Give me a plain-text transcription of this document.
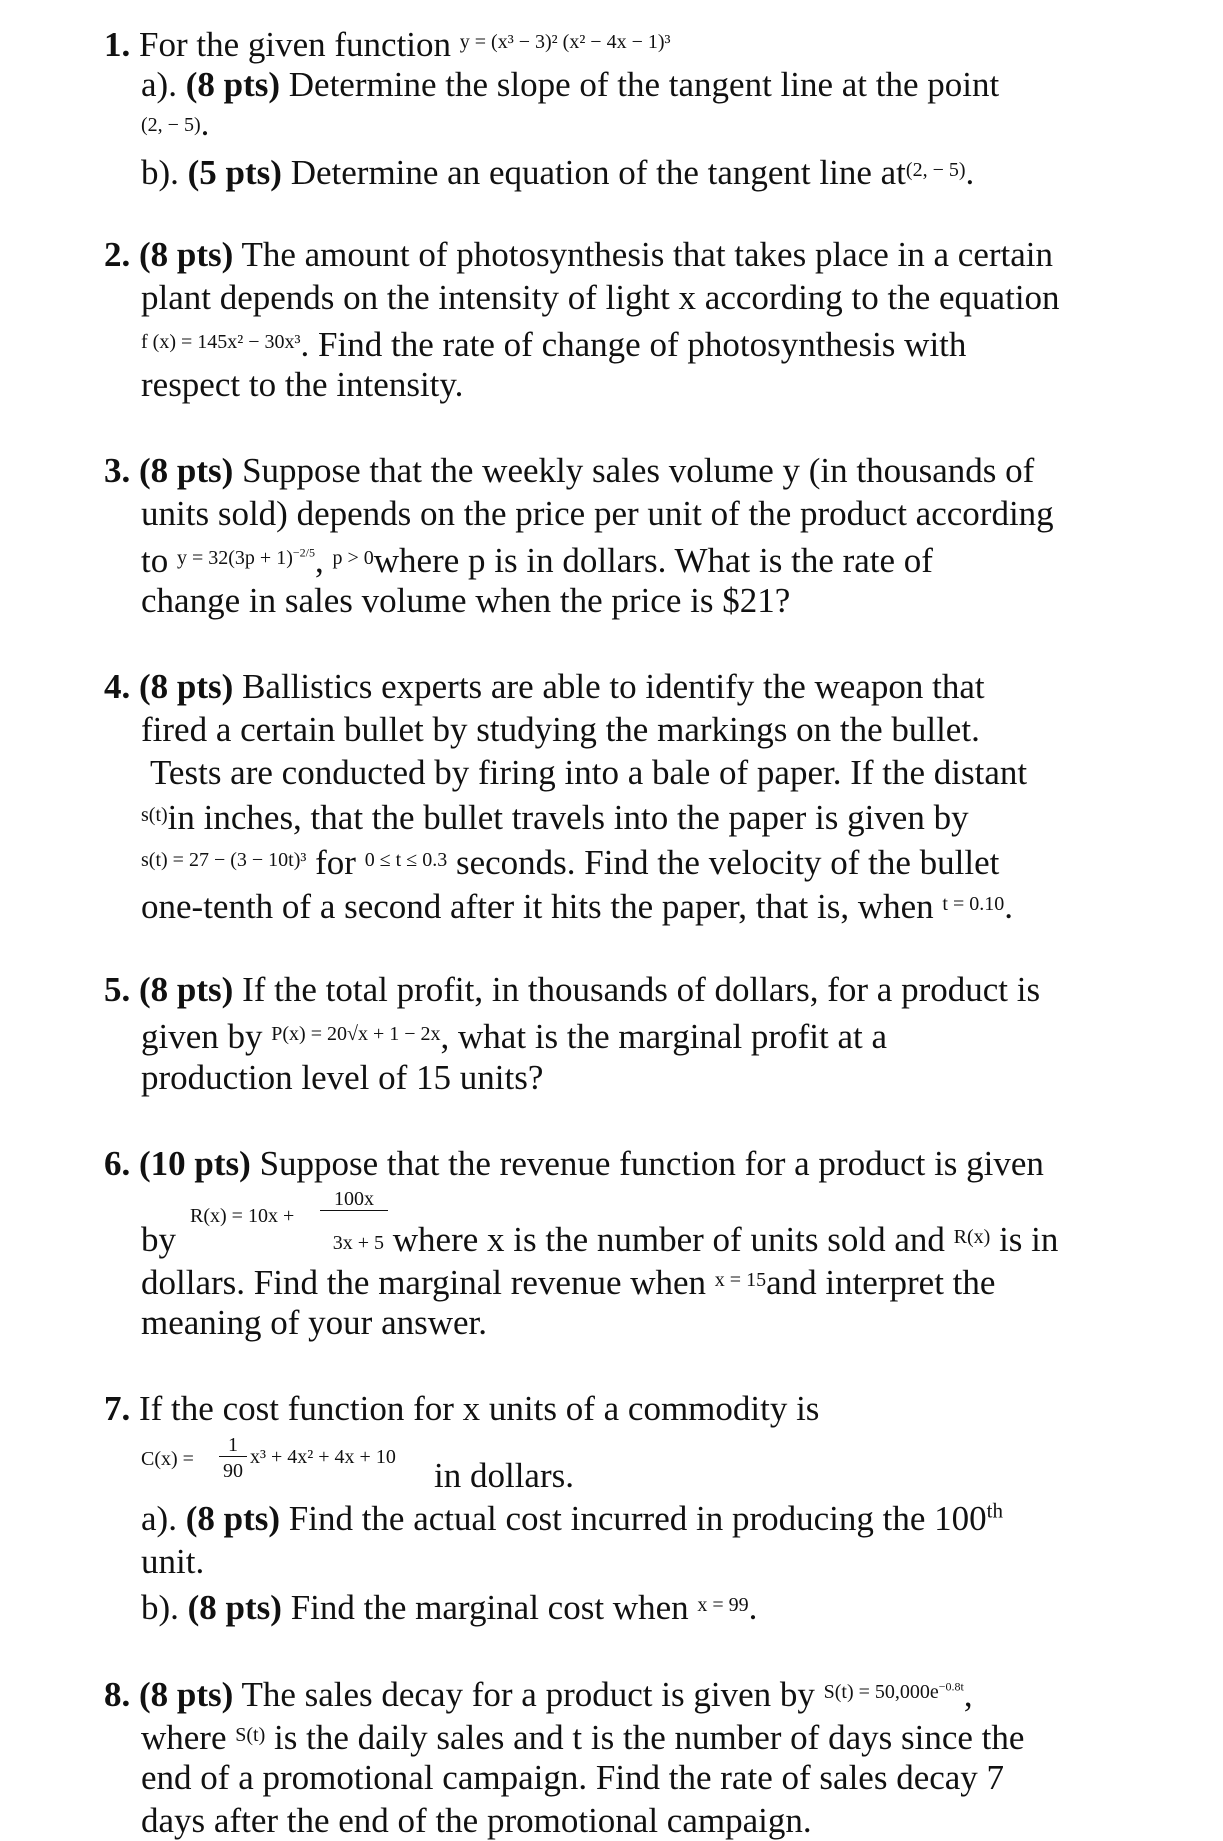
1. For the given function y = (x³ − 3)² (x² − 4x − 1)³
a). (8 pts) Determine the slope of the tangent line at the point
(2, − 5).
b). (5 pts) Determine an equation of the tangent line at(2, − 5).
2. (8 pts) The amount of photosynthesis that takes place in a certain
plant depends on the intensity of light x according to the equation
f (x) = 145x² − 30x³. Find the rate of change of photosynthesis with
respect to the intensity.
3. (8 pts) Suppose that the weekly sales volume y (in thousands of
units sold) depends on the price per unit of the product according
to $y = 32(3p + 1)^{-2/5}$, p > 0where p is in dollars. What is the rate of
change in sales volume when the price is $21?
4. (8 pts) Ballistics experts are able to identify the weapon that
fired a certain bullet by studying the markings on the bullet.
Tests are conducted by firing into a bale of paper. If the distant
s(t)in inches, that the bullet travels into the paper is given by
s(t) = 27 − (3 − 10t)³ for 0 ≤ t ≤ 0.3 seconds. Find the velocity of the bullet
one-tenth of a second after it hits the paper, that is, when t = 0.10.
5. (8 pts) If the total profit, in thousands of dollars, for a product is
given by P(x) = 20√x + 1 − 2x, what is the marginal profit at a
production level of 15 units?
6. (10 pts) Suppose that the revenue function for a product is given
R(x) = 10x +
100x
by	3x + 5 where x is the number of units sold and R(x) is in
dollars. Find the marginal revenue when x = 15and interpret the
meaning of your answer.
7. If the cost function for x units of a commodity is
C(x) =
1
90
x³ + 4x² + 4x + 10 in dollars.
a). (8 pts) Find the actual cost incurred in producing the 100th
unit.
b). (8 pts) Find the marginal cost when x = 99.
8. (8 pts) The sales decay for a product is given by $S(t) = 50,000e^{-0.8t}$,
where S(t) is the daily sales and t is the number of days since the
end of a promotional campaign. Find the rate of sales decay 7
days after the end of the promotional campaign.
